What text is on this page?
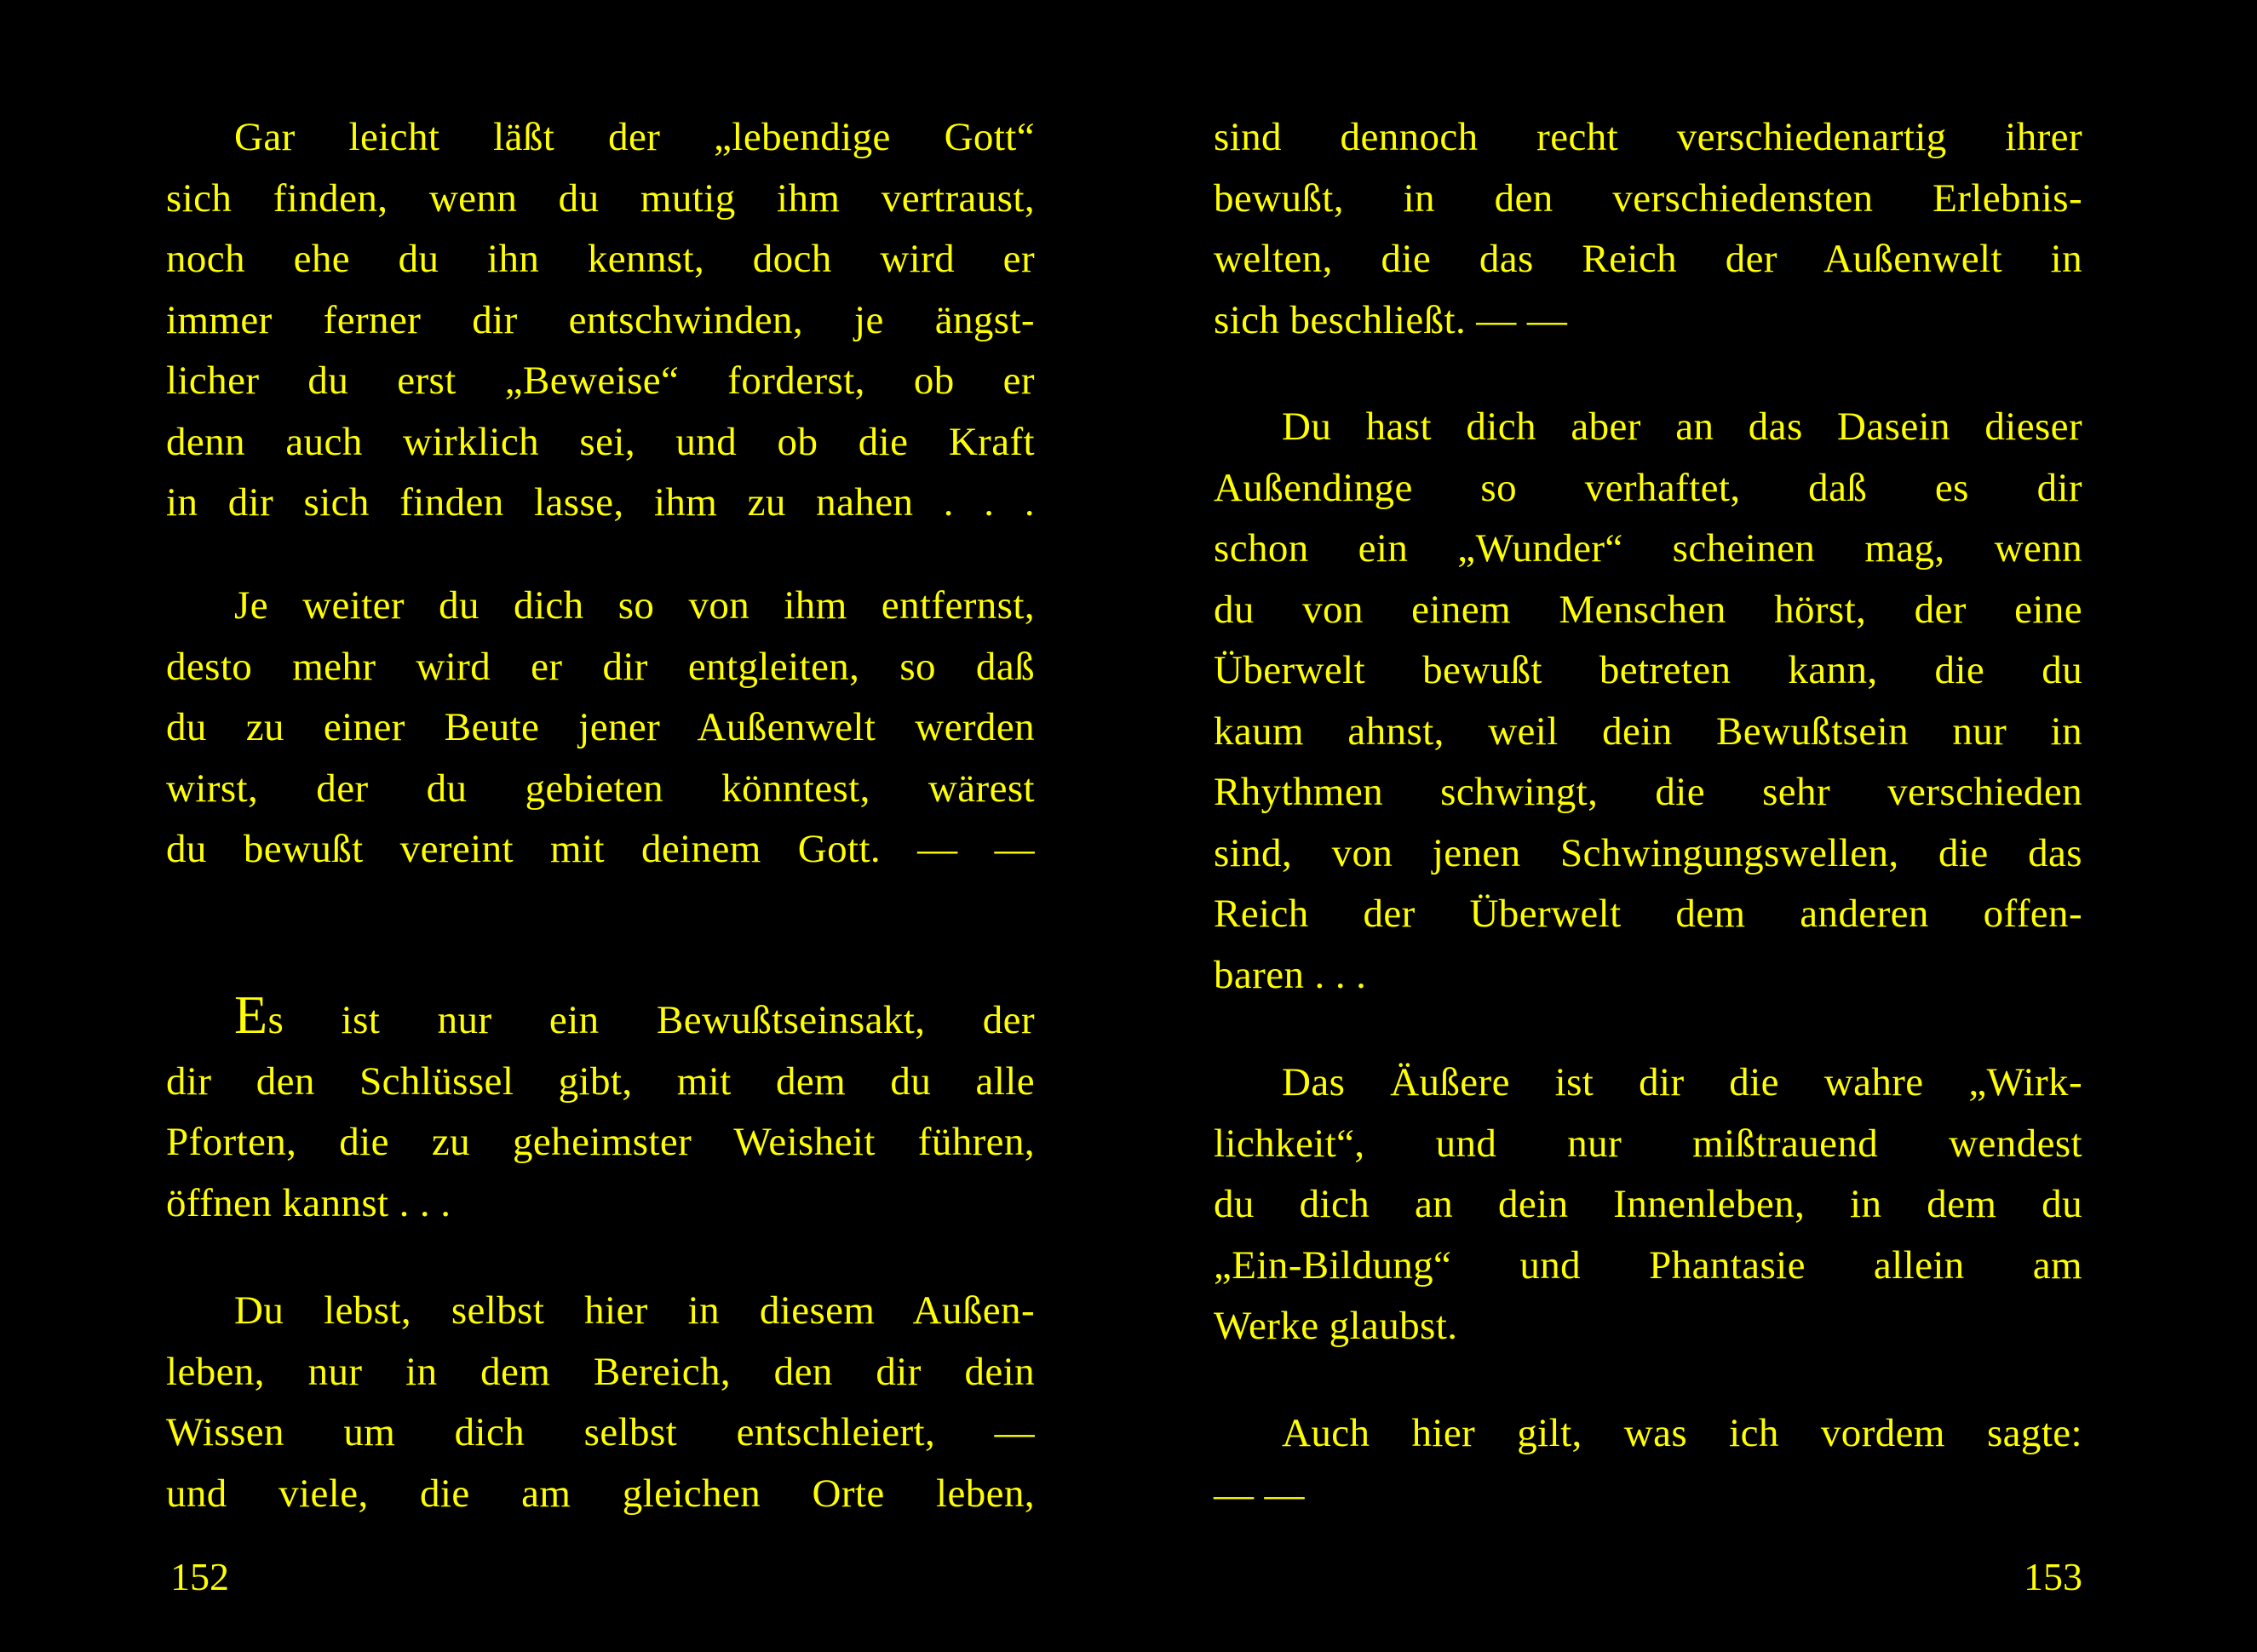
Gar leicht läßt der „lebendige Gott“

sich finden, wenn du mutig ihm vertraust,

noch ehe du ihn kennst, doch wird er

immer ferner dir entschwinden, je ängst-

licher du erst „Beweise“ forderst, ob er

denn auch wirklich sei, und ob die Kraft

in dir sich finden lasse, ihm zu nahen . . .

Je weiter du dich so von ihm entfernst,

desto mehr wird er dir entgleiten, so daß

du zu einer Beute jener Außenwelt werden

wirst, der du gebieten könntest, wärest

du bewußt vereint mit deinem Gott. — —

Es ist nur ein Bewußtseinsakt, der

dir den Schlüssel gibt, mit dem du alle

Pforten, die zu geheimster Weisheit führen,

öffnen kannst . . .

Du lebst, selbst hier in diesem Außen-

leben, nur in dem Bereich, den dir dein

Wissen um dich selbst entschleiert, —

und viele, die am gleichen Orte leben,

152

sind dennoch recht verschiedenartig ihrer

bewußt, in den verschiedensten Erlebnis-

welten, die das Reich der Außenwelt in

sich beschließt. — —

Du hast dich aber an das Dasein dieser

Außendinge so verhaftet, daß es dir

schon ein „Wunder“ scheinen mag, wenn

du von einem Menschen hörst, der eine

Überwelt bewußt betreten kann, die du

kaum ahnst, weil dein Bewußtsein nur in

Rhythmen schwingt, die sehr verschieden

sind, von jenen Schwingungswellen, die das

Reich der Überwelt dem anderen offen-

baren . . .

Das Äußere ist dir die wahre „Wirk-

lichkeit“, und nur mißtrauend wendest

du dich an dein Innenleben, in dem du

„Ein-Bildung“ und Phantasie allein am

Werke glaubst.

Auch hier gilt, was ich vordem sagte:

— —

153
